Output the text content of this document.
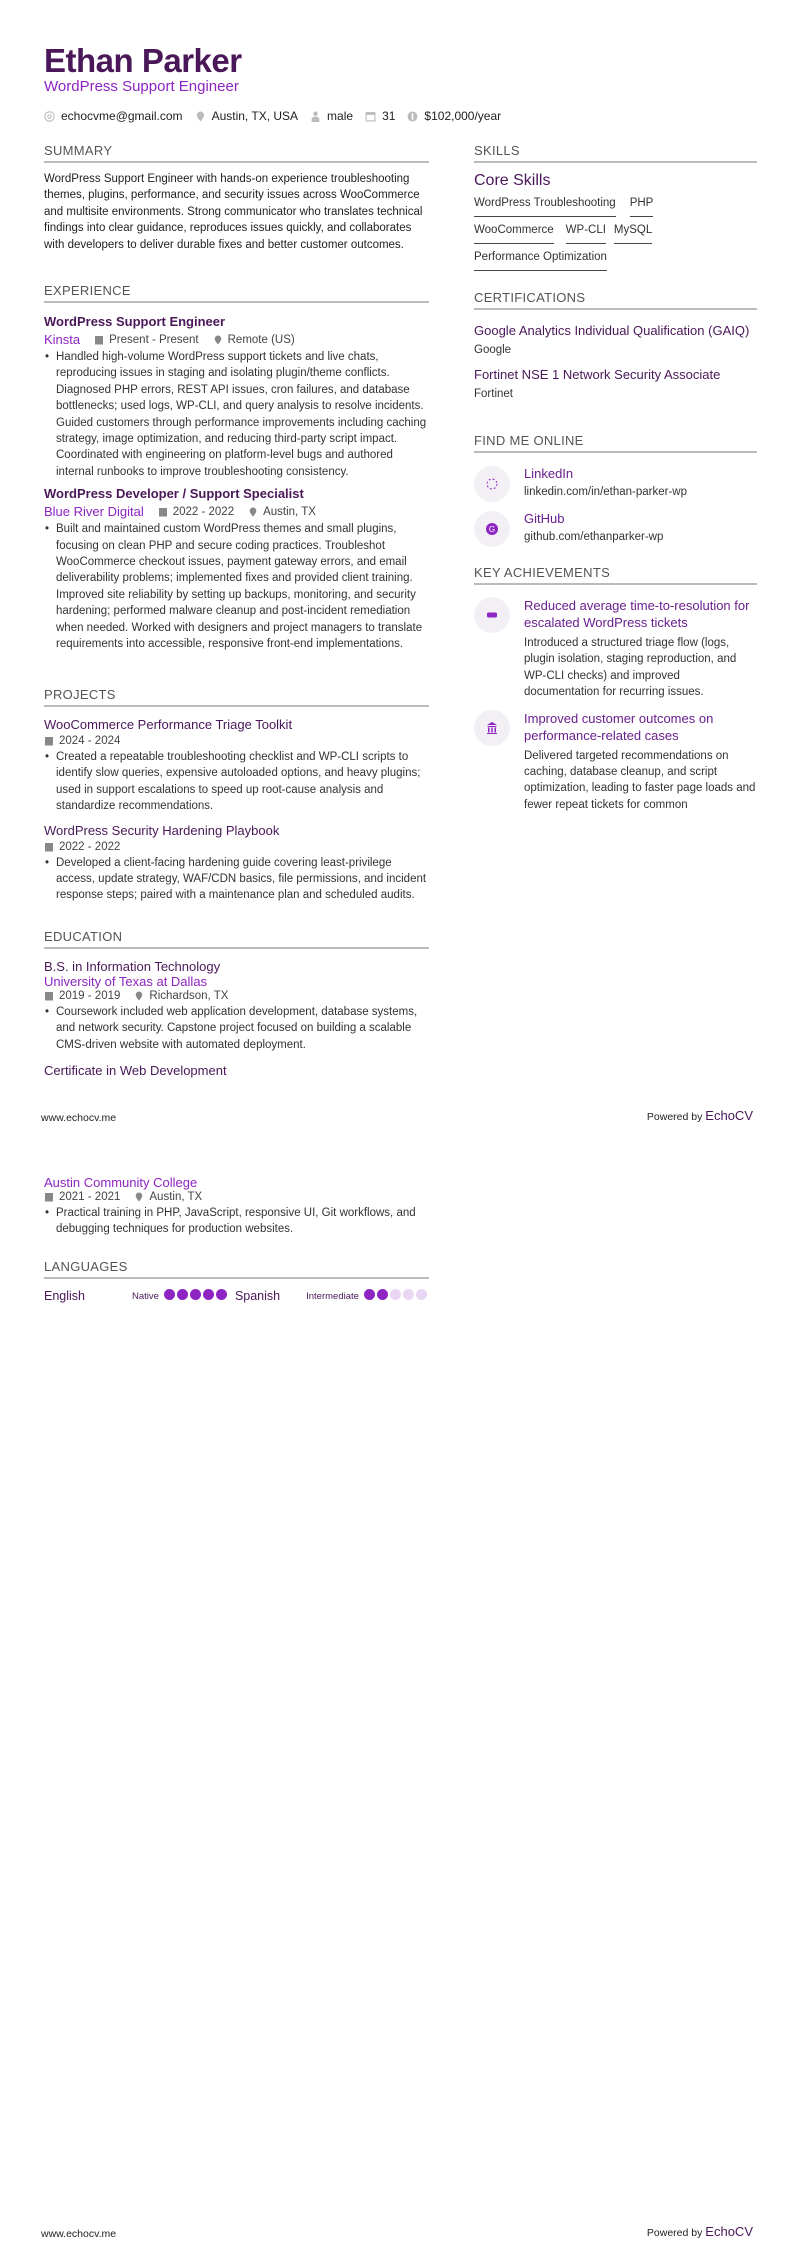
Ethan Parker
WordPress Support Engineer
echocvme@gmail.com Austin, TX, USA male 31 $102,000/year
SUMMARY

WordPress Support Engineer with hands-on experience troubleshooting themes, plugins, performance, and security issues across WooCommerce and multisite environments. Strong communicator who translates technical findings into clear guidance, reproduces issues quickly, and collaborates with developers to deliver durable fixes and better customer outcomes.

EXPERIENCE
WordPress Support Engineer
Kinsta	Present - Present	Remote (US)
• Handled high-volume WordPress support tickets and live chats, reproducing issues in staging and isolating plugin/theme conflicts. Diagnosed PHP errors, REST API issues, cron failures, and database bottlenecks; used logs, WP-CLI, and query analysis to resolve incidents. Guided customers through performance improvements including caching strategy, image optimization, and reducing third-party script impact. Coordinated with engineering on platform-level bugs and authored internal runbooks to improve troubleshooting consistency.
WordPress Developer / Support Specialist
Blue River Digital	2022 - 2022	Austin, TX
• Built and maintained custom WordPress themes and small plugins, focusing on clean PHP and secure coding practices. Troubleshot WooCommerce checkout issues, payment gateway errors, and email deliverability problems; implemented fixes and provided client training. Improved site reliability by setting up backups, monitoring, and security hardening; performed malware cleanup and post-incident remediation when needed. Worked with designers and project managers to translate requirements into accessible, responsive front-end implementations.
PROJECTS
WooCommerce Performance Triage Toolkit
2024 - 2024
• Created a repeatable troubleshooting checklist and WP-CLI scripts to identify slow queries, expensive autoloaded options, and heavy plugins; used in support escalations to speed up root-cause analysis and standardize recommendations.
WordPress Security Hardening Playbook
2022 - 2022
• Developed a client-facing hardening guide covering least-privilege access, update strategy, WAF/CDN basics, file permissions, and incident response steps; paired with a maintenance plan and scheduled audits.
EDUCATION
B.S. in Information Technology
University of Texas at Dallas
2019 - 2019	Richardson, TX
• Coursework included web application development, database systems, and network security. Capstone project focused on building a scalable CMS-driven website with automated deployment.
Certificate in Web Development
www.echocv.me	Powered by EchoCV
Austin Community College
2021 - 2021	Austin, TX
• Practical training in PHP, JavaScript, responsive UI, Git workflows, and debugging techniques for production websites.
LANGUAGES
English	Native	Spanish	Intermediate
SKILLS
Core Skills
WordPress Troubleshooting PHP
WooCommerce WP-CLI MySQL
Performance Optimization
CERTIFICATIONS
Google Analytics Individual Qualification (GAIQ)
Google
Fortinet NSE 1 Network Security Associate
Fortinet
FIND ME ONLINE
LinkedIn
linkedin.com/in/ethan-parker-wp
G
GitHub
github.com/ethanparker-wp
KEY ACHIEVEMENTS
Reduced average time-to-resolution for escalated WordPress tickets
Introduced a structured triage flow (logs, plugin isolation, staging reproduction, and WP-CLI checks) and improved documentation for recurring issues.
Improved customer outcomes on performance-related cases
Delivered targeted recommendations on caching, database cleanup, and script optimization, leading to faster page loads and fewer repeat tickets for common
www.echocv.me	Powered by EchoCV
